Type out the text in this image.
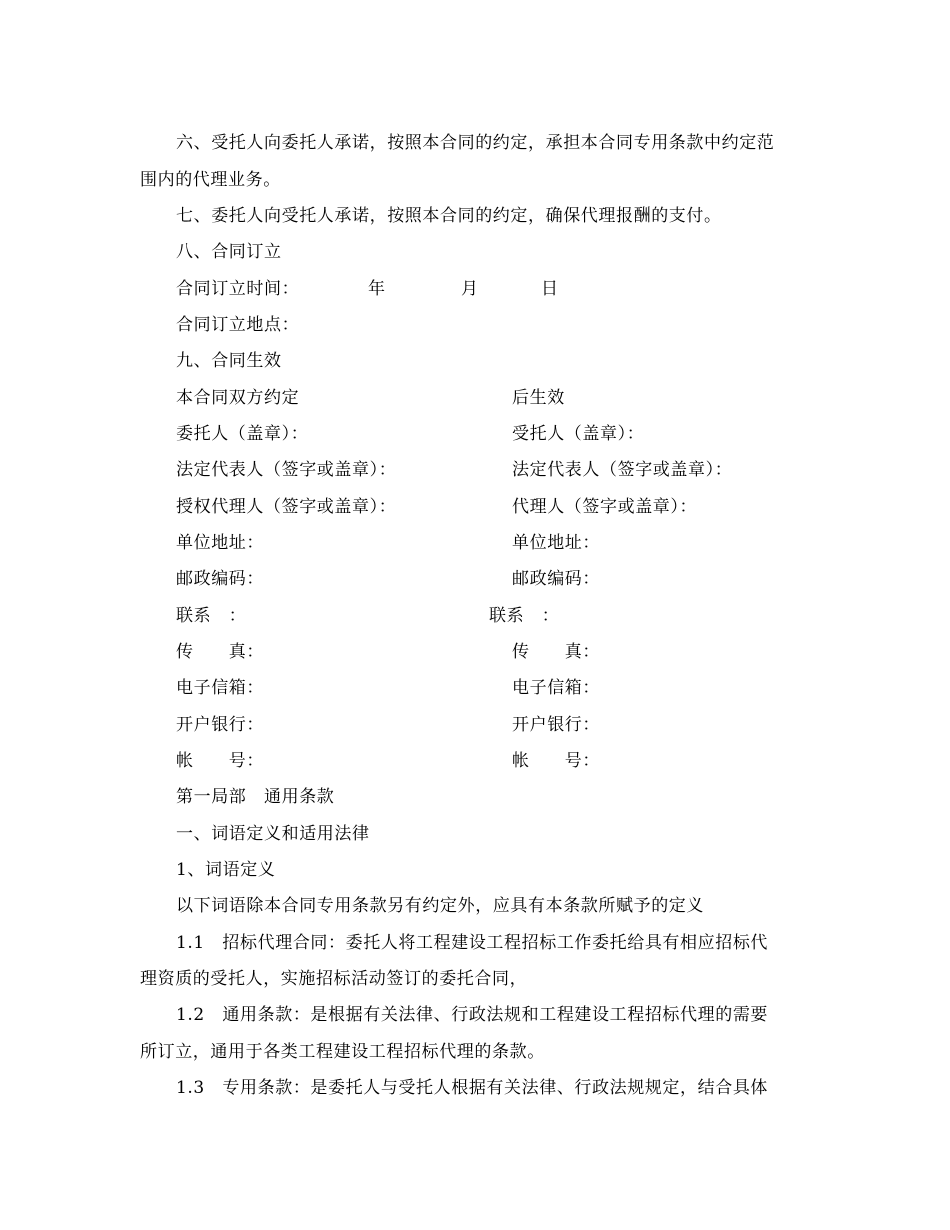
六、受托人向委托人承诺，按照本合同的约定，承担本合同专用条款中约定范
围内的代理业务。
七、委托人向受托人承诺，按照本合同的约定，确保代理报酬的支付。
八、合同订立
合同订立时间：	年	月	日
合同订立地点：
九、合同生效
本合同双方约定	后生效
委托人（盖章）：	受托人（盖章）：
法定代表人（签字或盖章）：	法定代表人（签字或盖章）：
授权代理人（签字或盖章）：	代理人（签字或盖章）：
单位地址：	单位地址：
邮政编码：	邮政编码：
联系　：	联系　：
传　　真：	传　　真：
电子信箱：	电子信箱：
开户银行：	开户银行：
帐　　号：	帐　　号：
第一局部　通用条款
一、词语定义和适用法律
1、词语定义
以下词语除本合同专用条款另有约定外，应具有本条款所赋予的定义
1.1　招标代理合同：委托人将工程建设工程招标工作委托给具有相应招标代
理资质的受托人，实施招标活动签订的委托合同，
1.2　通用条款：是根据有关法律、行政法规和工程建设工程招标代理的需要
所订立，通用于各类工程建设工程招标代理的条款。
1.3　专用条款：是委托人与受托人根据有关法律、行政法规规定，结合具体
